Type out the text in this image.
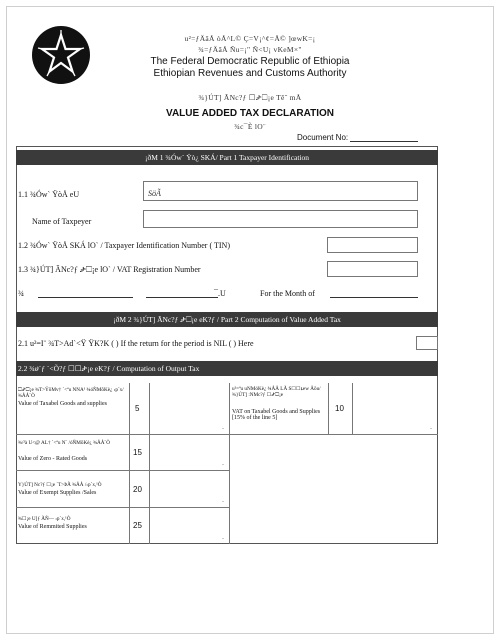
u²=ƒÄãÅ òÅ^L© Ç=V¡^¢=Å© ]œwK=¡
¾=ƒÄãÅ Ñu=¡" Ñ<U¡ vKeM×"
The Federal Democratic Republic of Ethiopia
Ethiopian Revenues and Customs Authority
¾}ÚT] ÃNc?ƒ ☐ታ☐¡e Têˆ mÅ
VALUE ADDED TAX DECLARATION
¾c¯È lO¨
Document No:
¡ðM 1 ¾Ów` Ÿò¿ SKÁ/ Part 1 Taxpayer Identification
1.1 ¾Ów` ŸòÅ eU	SöÃ
Name of Taxpeyer
1.2 ¾Ów` ŸòÅ SKÁ lO` / Taxpayer Identification Number ( TIN)
1.3 ¾}ÚT] ÃNc?ƒ ታ☐¡e lO` / VAT Registration Number
¾	¯.U	For the Month of
¡ðM 2 ¾}ÚT] ÃNc?ƒ ታ☐¡e eK?ƒ / Part 2 Computation of Value Added Tax
2.1 u²=I¨ ¾T>Ad`<Ÿ ŸK?K ( ) If the return for the period is NIL ( ) Here
2.2 ¾ሀ`ƒ `<Õ?ƒ ☐☐ታ¡e eK?ƒ / Computation of Output Tax
☐ታ☐¡e ¾T>ŸõMv† `<ªu NNA¹ ¾óÑMõKè¿ ›p`x/ ¾ÅÅ¨Ò
Value of Taxabel Goods and supplies	5
-
u²=ªu uNMóKè¿ ¾ÅÅ LÃ S☐☐ኒew Åõu/ ¾}ÚT] :NMc?ƒ ☐ታ☐¡e
VAT on Taxabel Goods and Supplies [15% of the line 5]
10
-
¾/²à U<@ AL† `<ªu N¨ /óÑMõKè¿ ¾ÅÅ¨Ò
Value of Zero - Rated Goods
15
-
Y}ÚT] Nc?ƒ ☐¡e `T>ÞÃ ¾ÅÅ /›p`x,¹Ò
Value of Exempt Supplies /Sales	20
-
¾☐¡e U]ƒ ÃÑ— ›p`x,¹Ò
Value of Remmited Supplies	25
-
